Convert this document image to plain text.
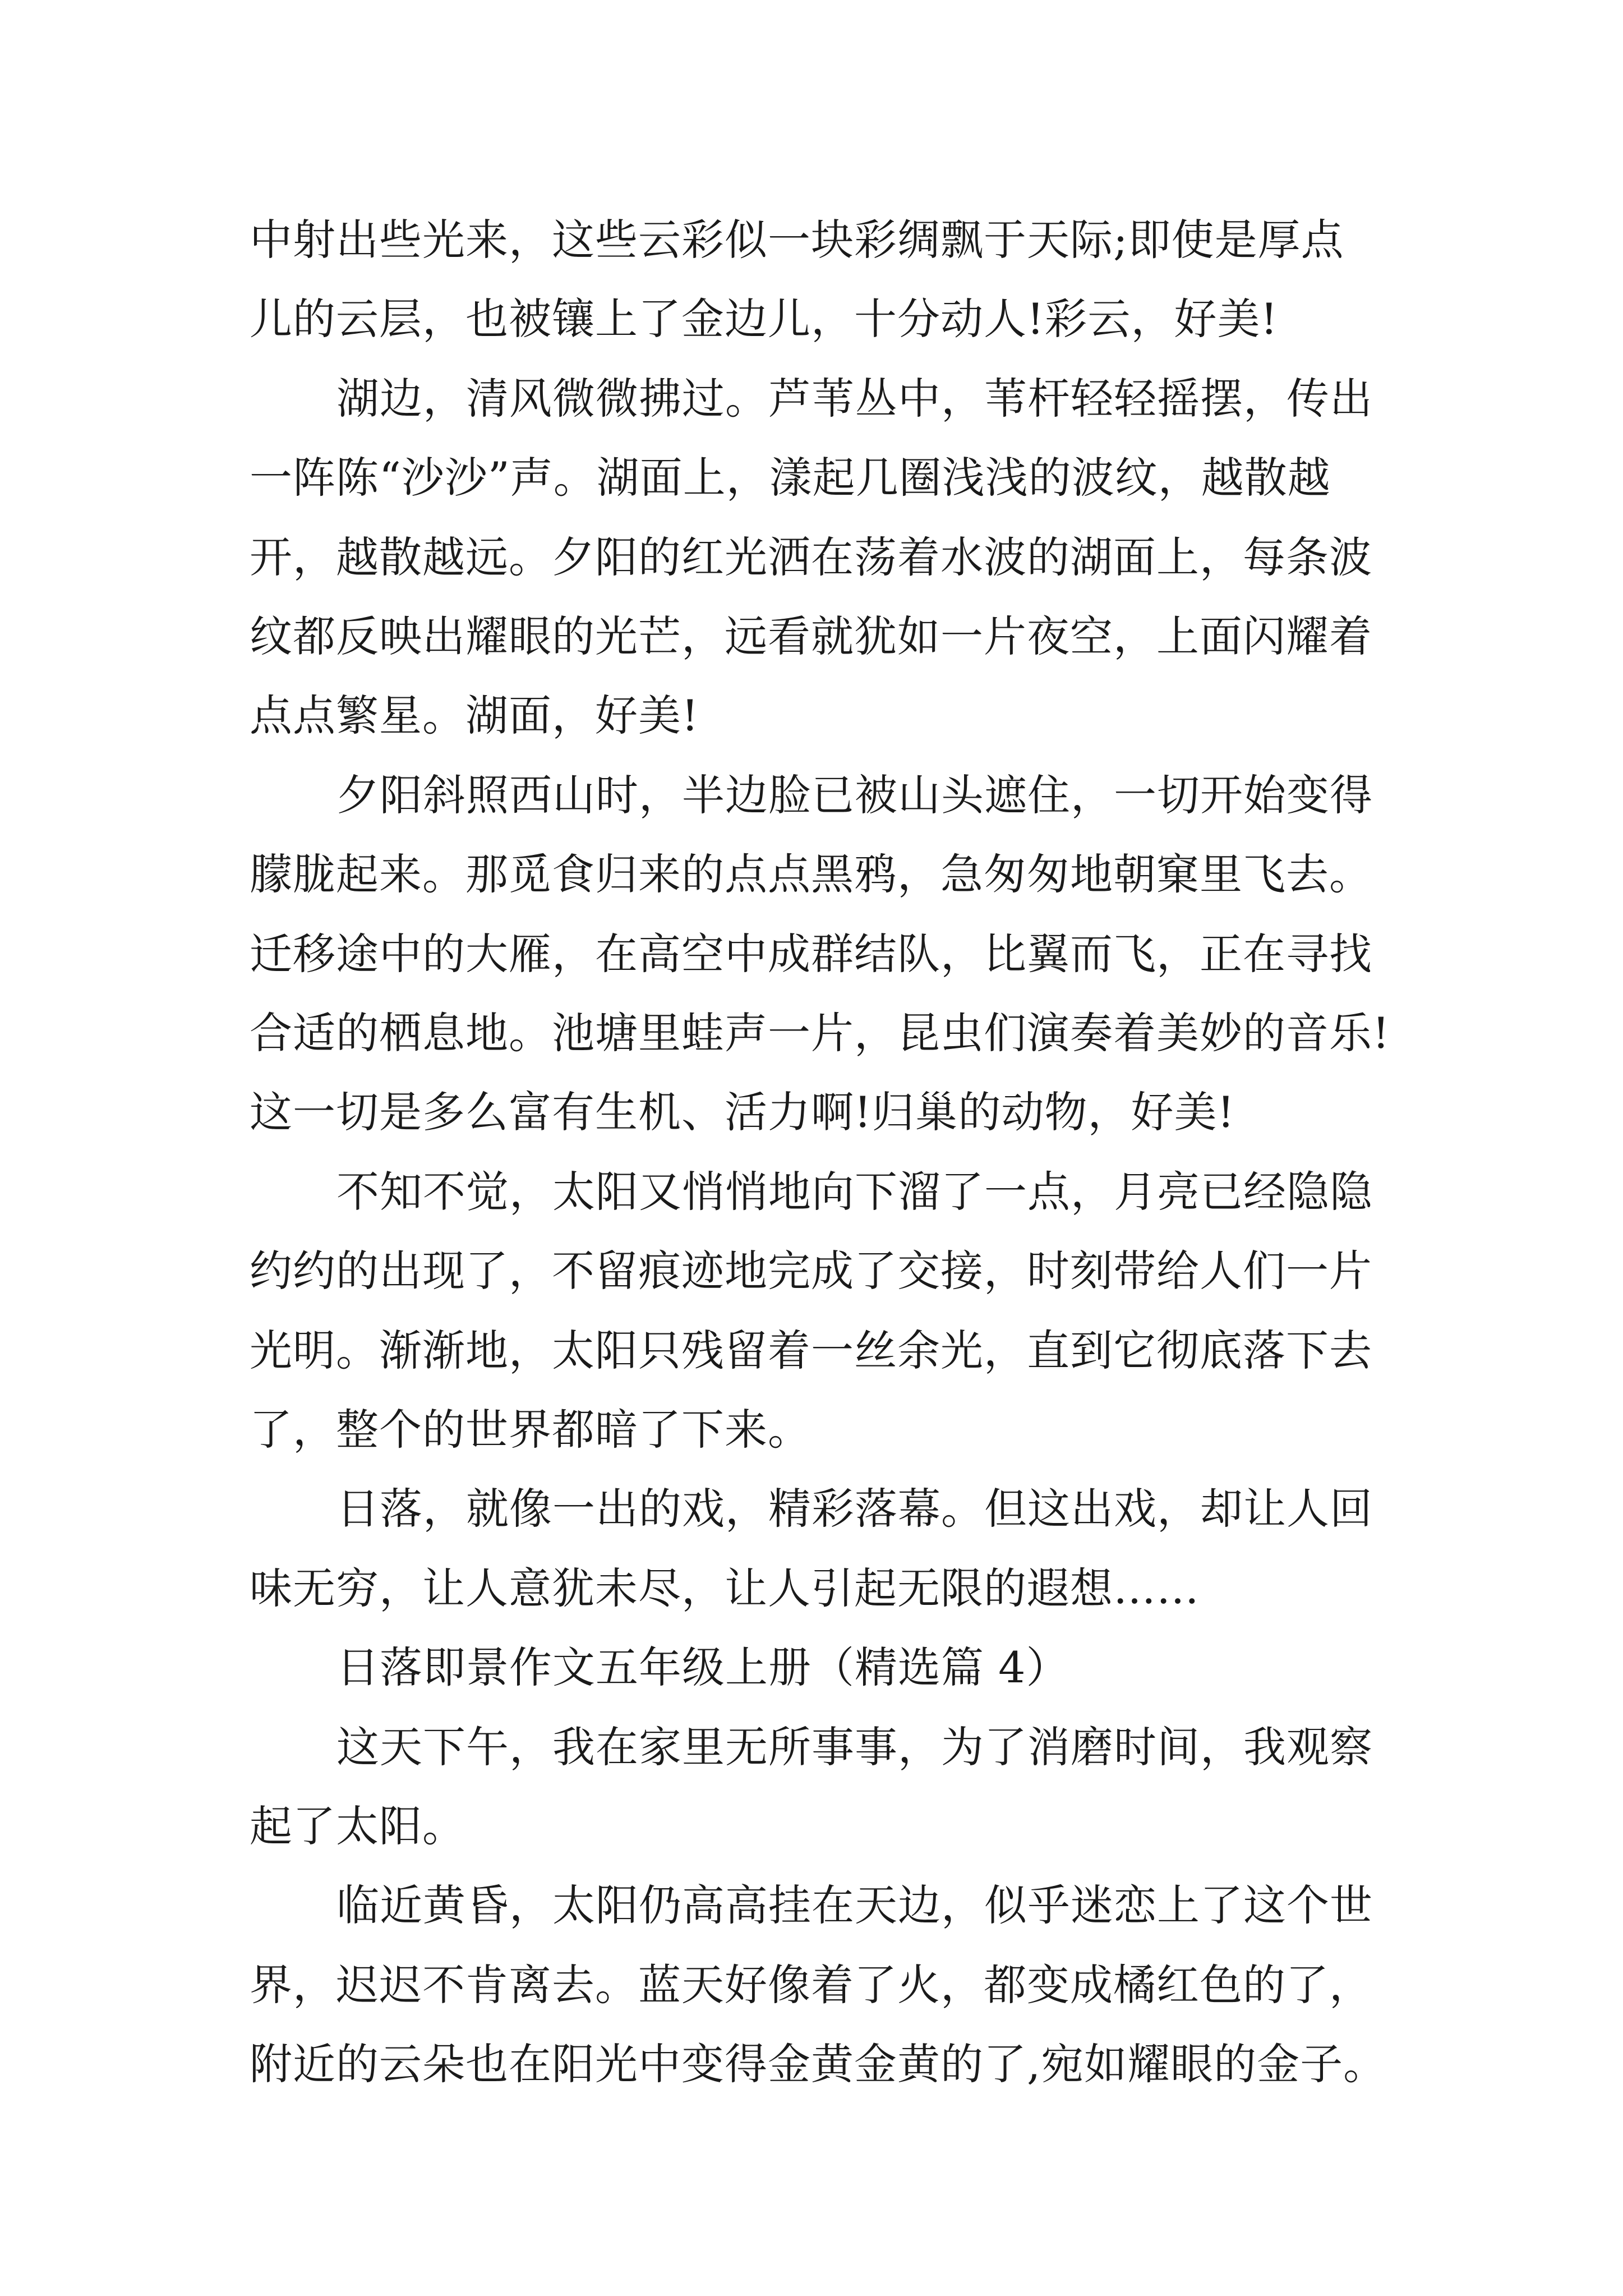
中射出些光来，这些云彩似一块彩绸飘于天际;即使是厚点
儿的云层，也被镶上了金边儿，十分动人!彩云，好美!
湖边，清风微微拂过。芦苇丛中，苇杆轻轻摇摆，传出
一阵陈“沙沙”声。湖面上，漾起几圈浅浅的波纹，越散越
开，越散越远。夕阳的红光洒在荡着水波的湖面上，每条波
纹都反映出耀眼的光芒，远看就犹如一片夜空，上面闪耀着
点点繁星。湖面，好美!
夕阳斜照西山时，半边脸已被山头遮住，一切开始变得
朦胧起来。那觅食归来的点点黑鸦，急匆匆地朝窠里飞去。
迁移途中的大雁，在高空中成群结队，比翼而飞，正在寻找
合适的栖息地。池塘里蛙声一片，昆虫们演奏着美妙的音乐!
这一切是多么富有生机、活力啊!归巢的动物，好美!
不知不觉，太阳又悄悄地向下溜了一点，月亮已经隐隐
约约的出现了，不留痕迹地完成了交接，时刻带给人们一片
光明。渐渐地，太阳只残留着一丝余光，直到它彻底落下去
了，整个的世界都暗了下来。
日落，就像一出的戏，精彩落幕。但这出戏，却让人回
味无穷，让人意犹未尽，让人引起无限的遐想……
日落即景作文五年级上册（精选篇 4）
这天下午，我在家里无所事事，为了消磨时间，我观察
起了太阳。
临近黄昏，太阳仍高高挂在天边，似乎迷恋上了这个世
界，迟迟不肯离去。蓝天好像着了火，都变成橘红色的了，
附近的云朵也在阳光中变得金黄金黄的了,宛如耀眼的金子。
